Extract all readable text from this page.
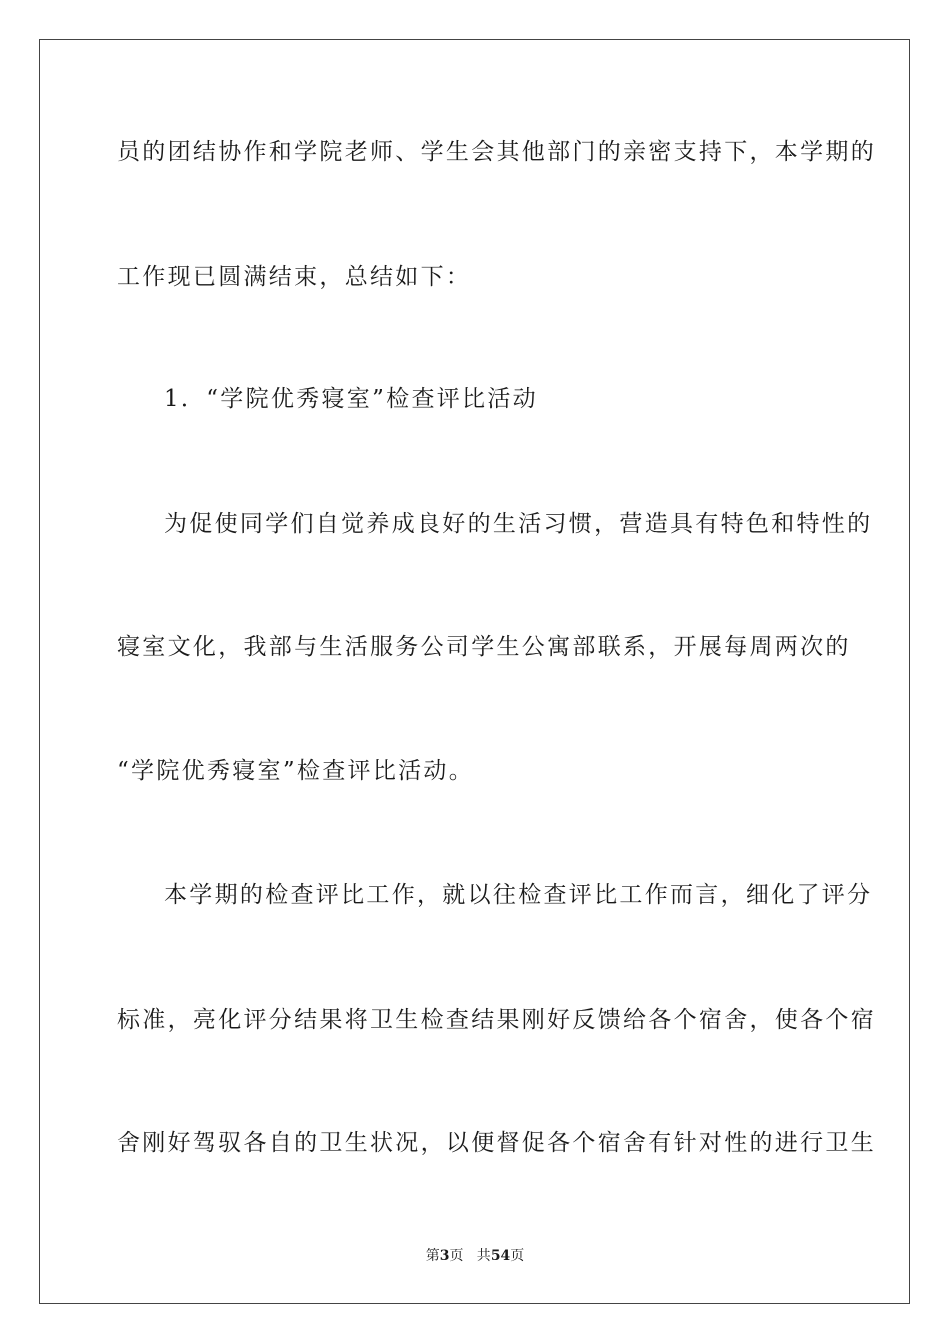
员的团结协作和学院老师、学生会其他部门的亲密支持下，本学期的
工作现已圆满结束，总结如下：
1．“学院优秀寝室”检查评比活动
为促使同学们自觉养成良好的生活习惯，营造具有特色和特性的
寝室文化，我部与生活服务公司学生公寓部联系，开展每周两次的
“学院优秀寝室”检查评比活动。
本学期的检查评比工作，就以往检查评比工作而言，细化了评分
标准，亮化评分结果将卫生检查结果刚好反馈给各个宿舍，使各个宿
舍刚好驾驭各自的卫生状况，以便督促各个宿舍有针对性的进行卫生
第3页   共54页
